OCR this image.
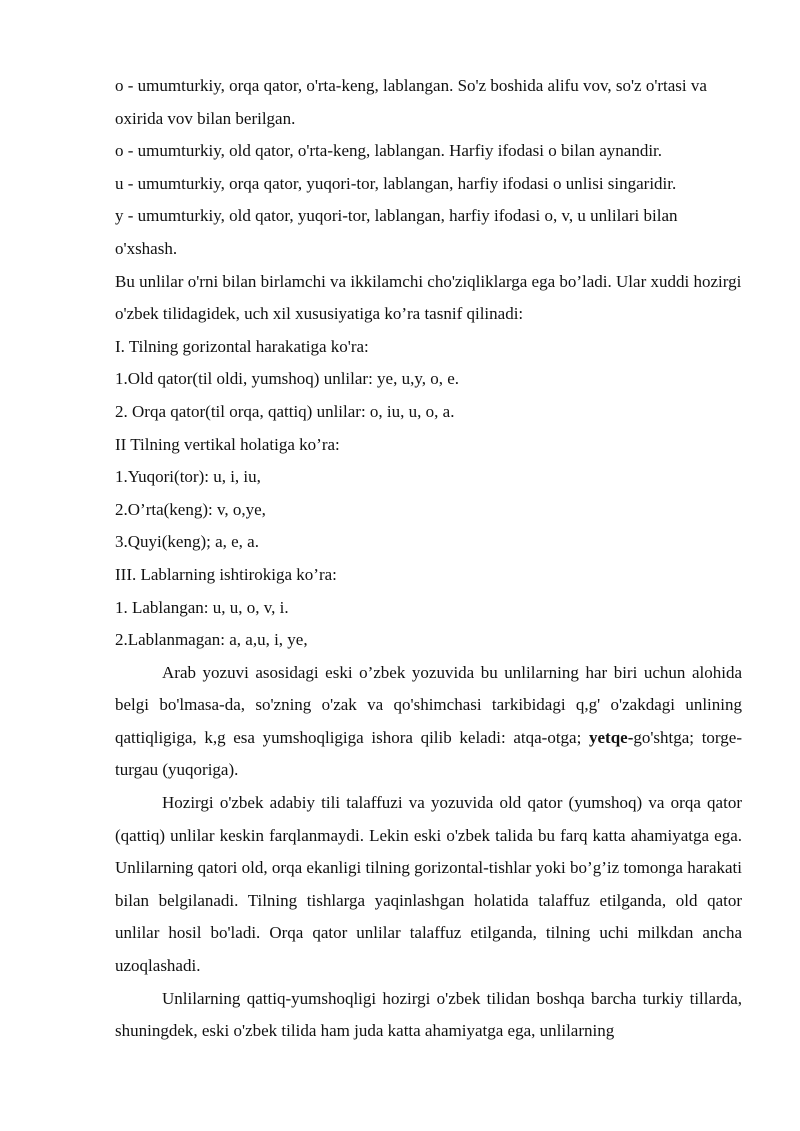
o - umumturkiy, orqa qator, o'rta-keng, lablangan. So'z boshida alifu vov, so'z o'rtasi va oxirida vov bilan berilgan.

o - umumturkiy, old qator, o'rta-keng, lablangan. Harfiy ifodasi o bilan aynandir.

u - umumturkiy, orqa qator, yuqori-tor, lablangan, harfiy ifodasi o unlisi singaridir.

y - umumturkiy, old qator, yuqori-tor, lablangan, harfiy ifodasi o, v, u unlilari bilan o'xshash.

Bu unlilar o'rni bilan birlamchi va ikkilamchi cho'ziqliklarga ega bo’ladi. Ular xuddi hozirgi o'zbek tilidagidek, uch xil xususiyatiga ko’ra tasnif qilinadi:

I. Tilning gorizontal harakatiga ko'ra:

1.Old qator(til oldi, yumshoq) unlilar: ye, u,y, o, e.

2. Orqa qator(til orqa, qattiq) unlilar: o, iu, u, o, a.

II Tilning vertikal holatiga ko’ra:

1.Yuqori(tor): u, i, iu,

2.O’rta(keng): v, o,ye,

3.Quyi(keng); a, e, a.

III. Lablarning ishtirokiga ko’ra:

1. Lablangan: u, u, o, v, i.

2.Lablanmagan: a, a,u, i, ye,

Arab yozuvi asosidagi eski o’zbek yozuvida bu unlilarning har biri uchun alohida belgi bo'lmasa-da, so'zning o'zak va qo'shimchasi tarkibidagi q,g' o'zakdagi unlining qattiqligiga, k,g esa yumshoqligiga ishora qilib keladi: atqa-otga; yetqe-go'shtga; torge-turgau (yuqoriga).

Hozirgi o'zbek adabiy tili talaffuzi va yozuvida old qator (yumshoq) va orqa qator (qattiq) unlilar keskin farqlanmaydi. Lekin eski o'zbek talida bu farq katta ahamiyatga ega. Unlilarning qatori old, orqa ekanligi tilning gorizontal-tishlar yoki bo’g’iz tomonga harakati bilan belgilanadi. Tilning tishlarga yaqinlashgan holatida talaffuz etilganda, old qator unlilar hosil bo'ladi. Orqa qator unlilar talaffuz etilganda, tilning uchi milkdan ancha uzoqlashadi.

Unlilarning qattiq-yumshoqligi hozirgi o'zbek tilidan boshqa barcha turkiy tillarda, shuningdek, eski o'zbek tilida ham juda katta ahamiyatga ega, unlilarning
